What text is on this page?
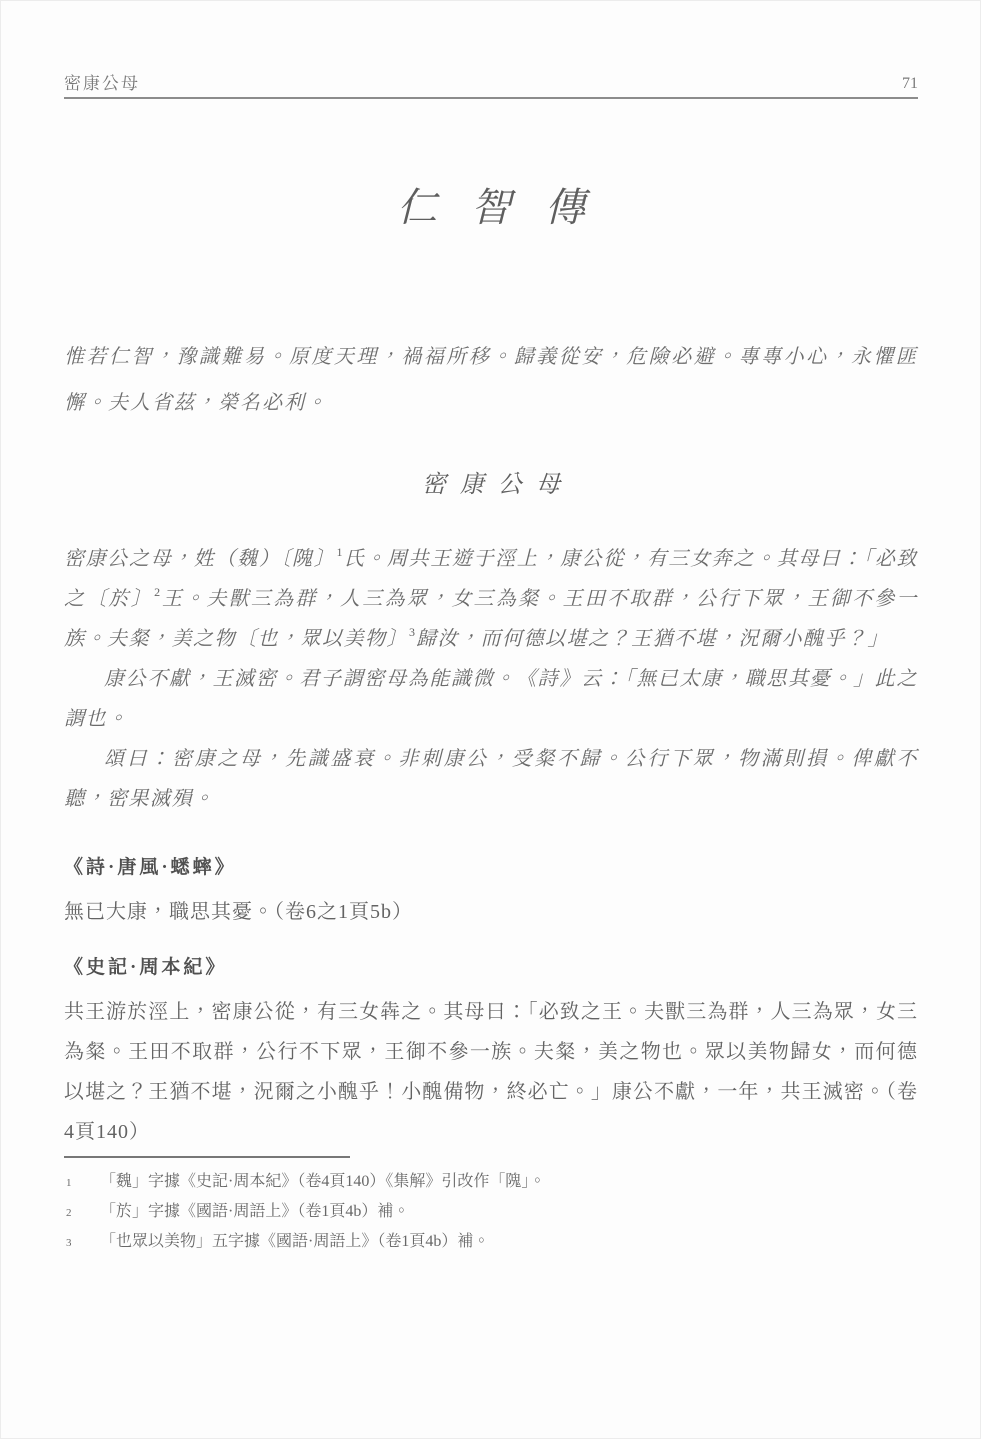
密康公母	71
仁智傳

惟若仁智，豫識難易。原度天理，禍福所移。歸義從安，危險必避。專專小心，永懼匪懈。夫人省茲，榮名必利。

密康公母

密康公之母，姓（魏）〔隗〕$^1$氏。周共王遊于涇上，康公從，有三女奔之。其母曰：「必致之〔於〕$^2$王。夫獸三為群，人三為眾，女三為粲。王田不取群，公行下眾，王御不參一族。夫粲，美之物〔也，眾以美物〕$^3$歸汝，而何德以堪之？王猶不堪，況爾小醜乎？」

康公不獻，王滅密。君子謂密母為能識微。《詩》云：「無已太康，職思其憂。」此之謂也。

頌曰：密康之母，先識盛衰。非刺康公，受粲不歸。公行下眾，物滿則損。俾獻不聽，密果滅殞。

《詩·唐風·蟋蟀》
無已大康，職思其憂。（卷6之1頁5b）
《史記·周本紀》
共王游於涇上，密康公從，有三女犇之。其母曰：「必致之王。夫獸三為群，人三為眾，女三為粲。王田不取群，公行不下眾，王御不參一族。夫粲，美之物也。眾以美物歸女，而何德以堪之？王猶不堪，況爾之小醜乎！小醜備物，終必亡。」康公不獻，一年，共王滅密。（卷4頁140）
1 「魏」字據《史記·周本紀》（卷4頁140）《集解》引改作「隗」。
2 「於」字據《國語·周語上》（卷1頁4b）補。
3 「也眾以美物」五字據《國語·周語上》（卷1頁4b）補。
